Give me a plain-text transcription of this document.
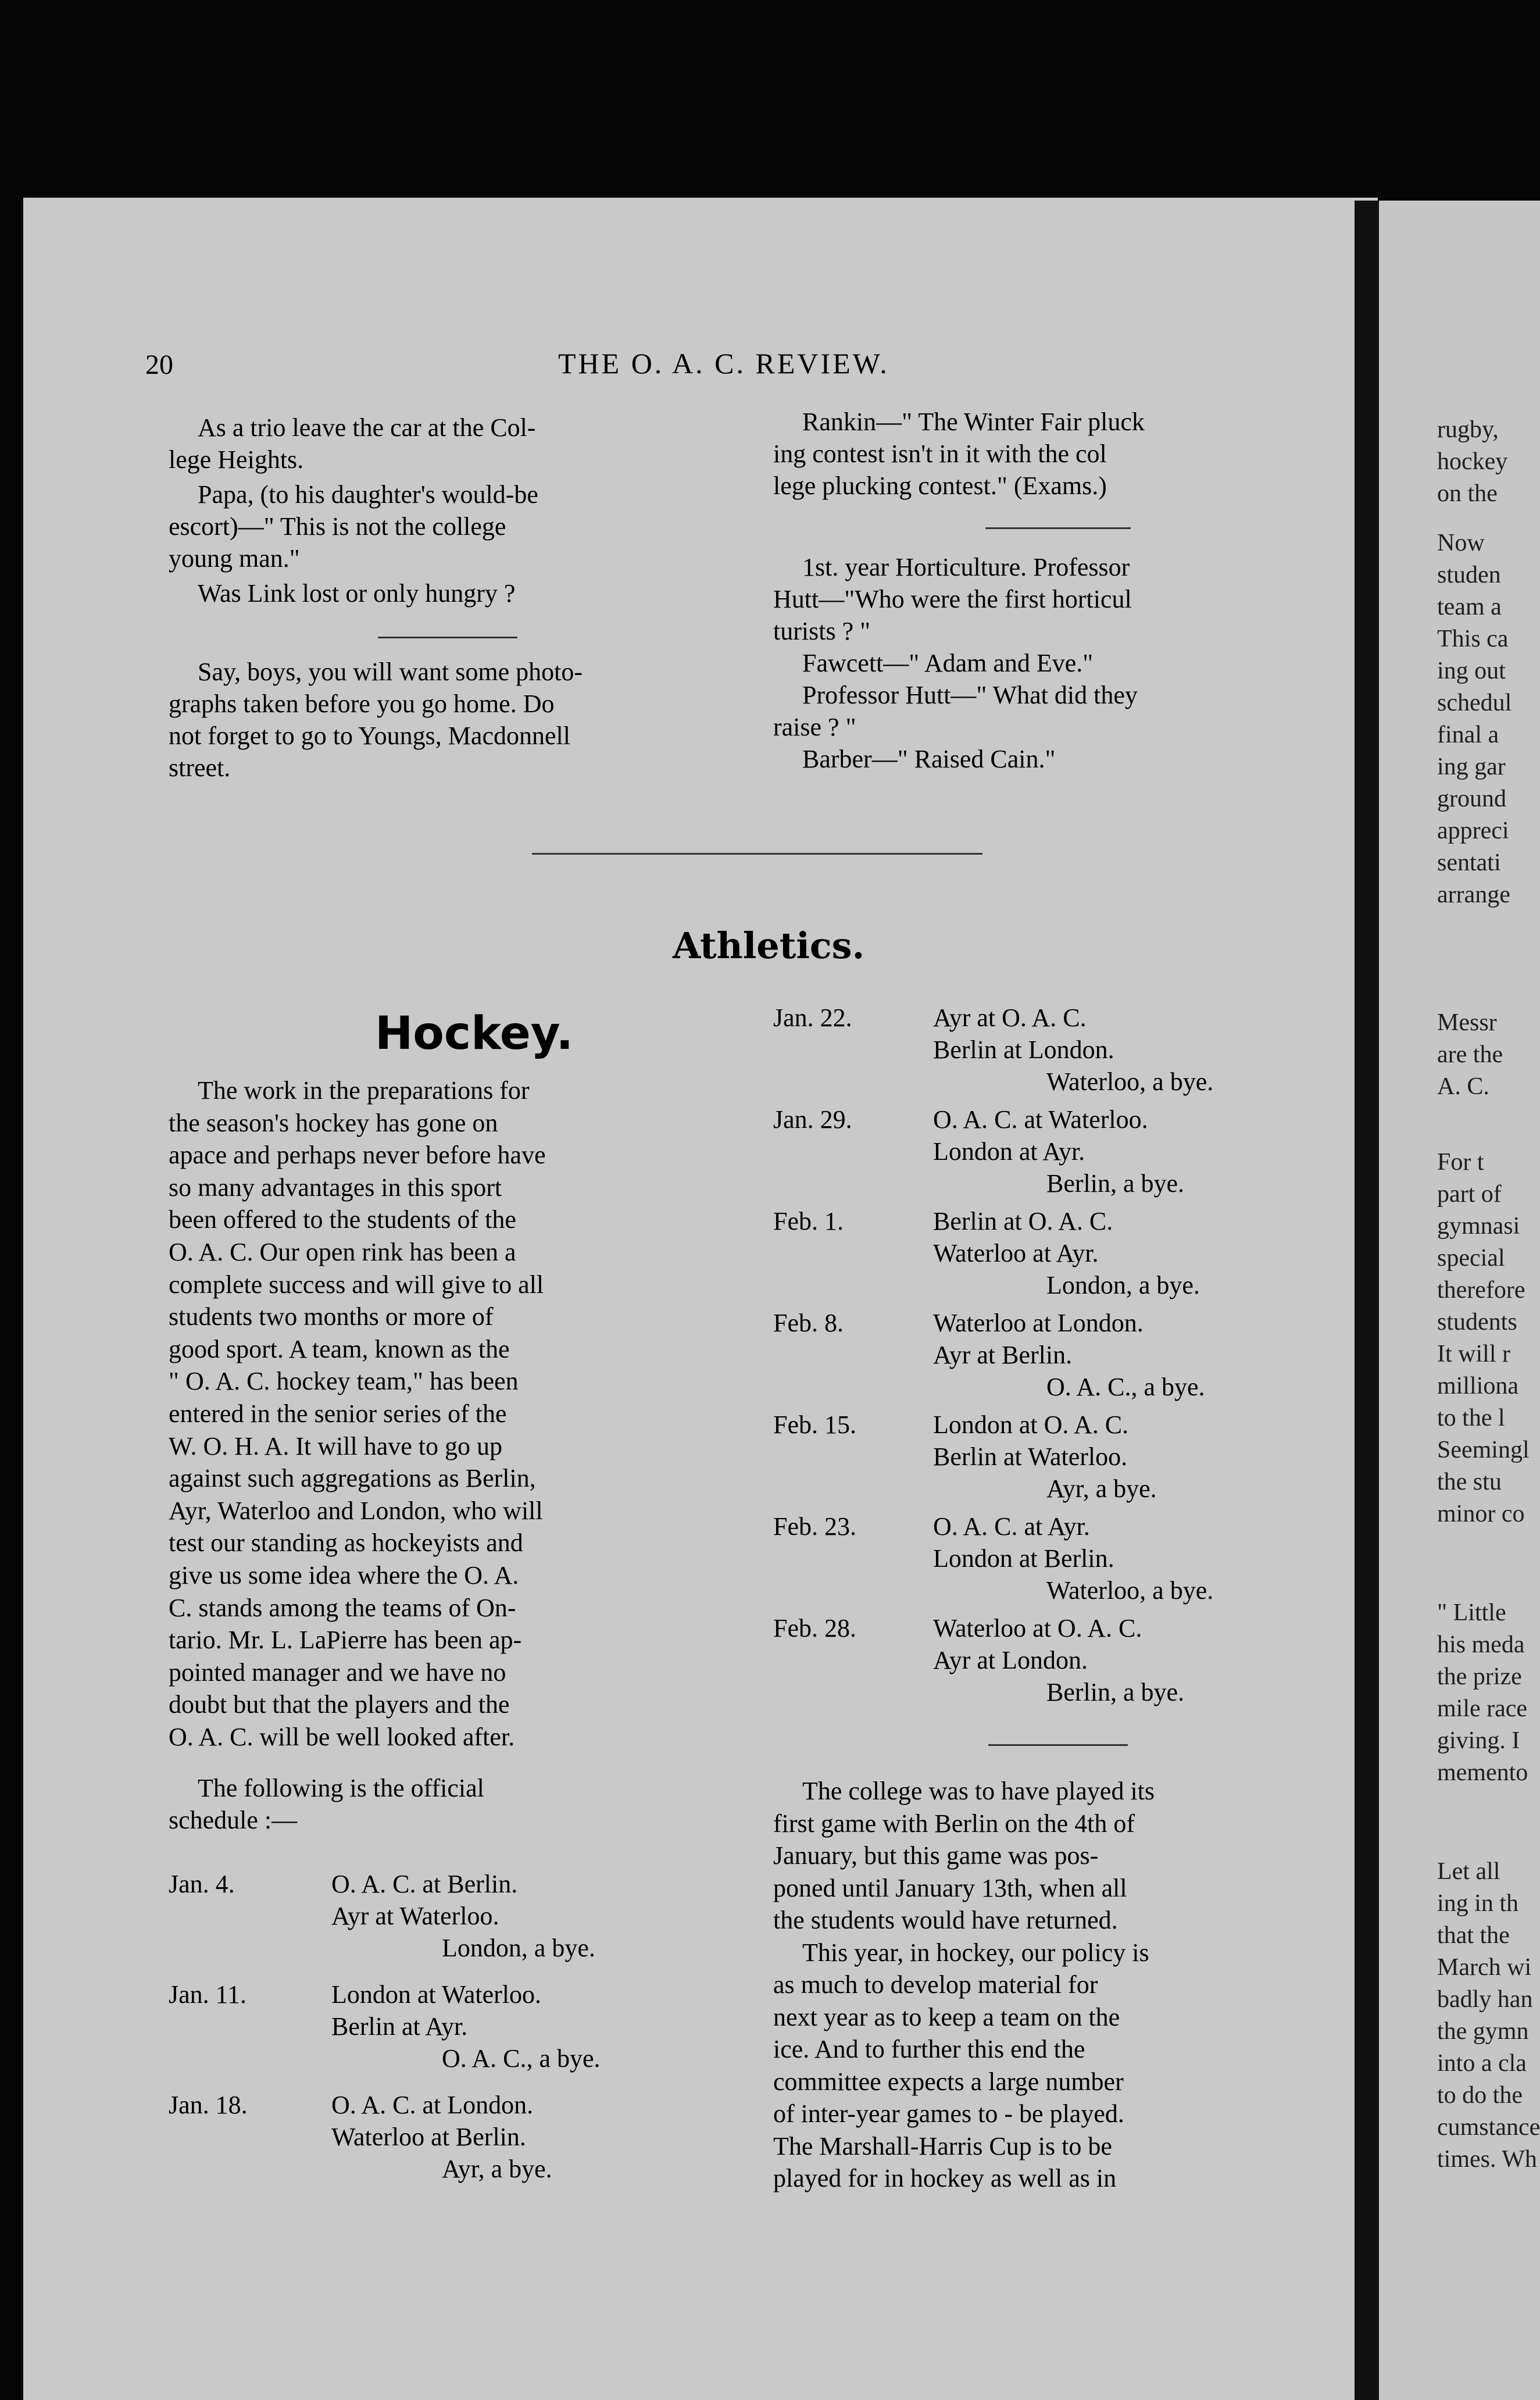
rugby,
hockey
on the
Now
studen
team a
This ca
ing out
schedul
final a
ing gar
ground
appreci
sentati
arrange
Messr
are the
A. C.
For t
part of
gymnasi
special
therefore
students
It will r
milliona
to the l
Seemingl
the stu
minor co
" Little
his meda
the prize
mile race
giving. I
memento
Let all
ing in th
that the
March wi
badly han
the gymn
into a cla
to do the
cumstance
times. Wh
20	THE O. A. C. REVIEW.
As a trio leave the car at the Col-
lege Heights.
Papa, (to his daughter's would-be
escort)—" This is not the college
young man."
Was Link lost or only hungry ?
Say, boys, you will want some photo-
graphs taken before you go home. Do
not forget to go to Youngs, Macdonnell
street.
Rankin—" The Winter Fair pluck
ing contest isn't in it with the col
lege plucking contest." (Exams.)
1st. year Horticulture. Professor
Hutt—"Who were the first horticul
turists ? "
Fawcett—" Adam and Eve."
Professor Hutt—" What did they
raise ? "
Barber—" Raised Cain."
Athletics.
Hockey.
The work in the preparations for
the season's hockey has gone on
apace and perhaps never before have
so many advantages in this sport
been offered to the students of the
O. A. C. Our open rink has been a
complete success and will give to all
students two months or more of
good sport. A team, known as the
" O. A. C. hockey team," has been
entered in the senior series of the
W. O. H. A. It will have to go up
against such aggregations as Berlin,
Ayr, Waterloo and London, who will
test our standing as hockeyists and
give us some idea where the O. A.
C. stands among the teams of On-
tario. Mr. L. LaPierre has been ap-
pointed manager and we have no
doubt but that the players and the
O. A. C. will be well looked after.
The following is the official
schedule :—
Jan. 4.	O. A. C. at Berlin.
Ayr at Waterloo.
London, a bye.
Jan. 11.	London at Waterloo.
Berlin at Ayr.
O. A. C., a bye.
Jan. 18.	O. A. C. at London.
Waterloo at Berlin.
Ayr, a bye.
Jan. 22.	Ayr at O. A. C.
Berlin at London.
Waterloo, a bye.
Jan. 29.	O. A. C. at Waterloo.
London at Ayr.
Berlin, a bye.
Feb. 1.	Berlin at O. A. C.
Waterloo at Ayr.
London, a bye.
Feb. 8.	Waterloo at London.
Ayr at Berlin.
O. A. C., a bye.
Feb. 15.	London at O. A. C.
Berlin at Waterloo.
Ayr, a bye.
Feb. 23.	O. A. C. at Ayr.
London at Berlin.
Waterloo, a bye.
Feb. 28.	Waterloo at O. A. C.
Ayr at London.
Berlin, a bye.
The college was to have played its
first game with Berlin on the 4th of
January, but this game was pos-
poned until January 13th, when all
the students would have returned.
This year, in hockey, our policy is
as much to develop material for
next year as to keep a team on the
ice. And to further this end the
committee expects a large number
of inter-year games to - be played.
The Marshall-Harris Cup is to be
played for in hockey as well as in
